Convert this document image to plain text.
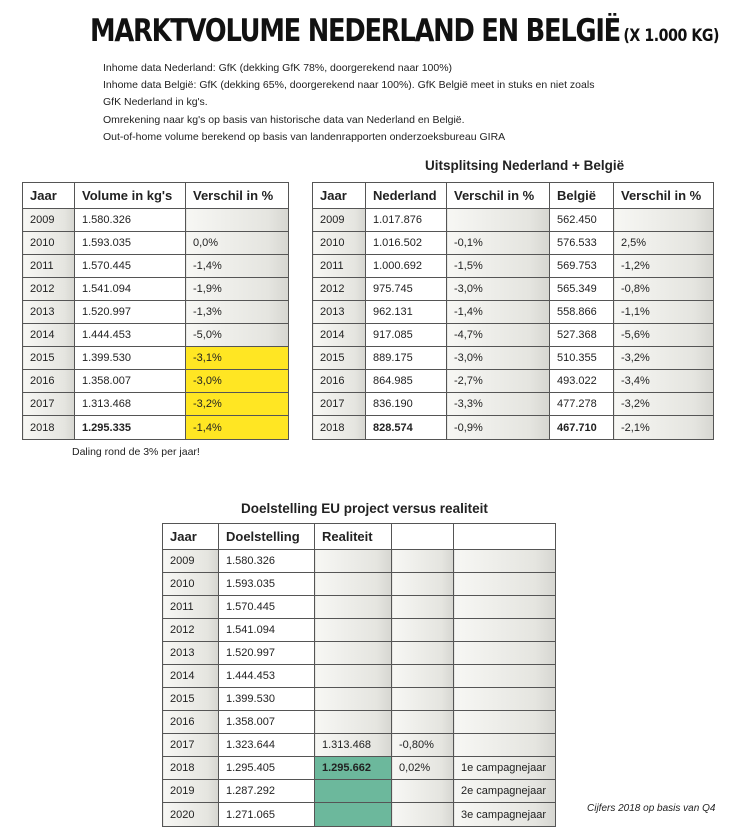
MARKTVOLUME NEDERLAND EN BELGIË (X 1.000 KG)
Inhome data Nederland: GfK (dekking GfK 78%, doorgerekend naar 100%)
Inhome data België: GfK (dekking 65%, doorgerekend naar 100%). GfK België meet in stuks en niet zoals
GfK Nederland in kg's.
Omrekening naar kg's op basis van historische data van Nederland en België.
Out-of-home volume berekend op basis van landenrapporten onderzoeksbureau GIRA
Uitsplitsing Nederland + België
Jaar	Volume in kg's	Verschil in %
2009	1.580.326	
2010	1.593.035	0,0%
2011	1.570.445	-1,4%
2012	1.541.094	-1,9%
2013	1.520.997	-1,3%
2014	1.444.453	-5,0%
2015	1.399.530	-3,1%
2016	1.358.007	-3,0%
2017	1.313.468	-3,2%
2018	1.295.335	-1,4%
Daling rond de 3% per jaar!
Jaar	Nederland	Verschil in %	België	Verschil in %
2009	1.017.876		562.450	
2010	1.016.502	-0,1%	576.533	2,5%
2011	1.000.692	-1,5%	569.753	-1,2%
2012	975.745	-3,0%	565.349	-0,8%
2013	962.131	-1,4%	558.866	-1,1%
2014	917.085	-4,7%	527.368	-5,6%
2015	889.175	-3,0%	510.355	-3,2%
2016	864.985	-2,7%	493.022	-3,4%
2017	836.190	-3,3%	477.278	-3,2%
2018	828.574	-0,9%	467.710	-2,1%
Doelstelling EU project versus realiteit
Jaar	Doelstelling	Realiteit		
2009	1.580.326			
2010	1.593.035			
2011	1.570.445			
2012	1.541.094			
2013	1.520.997			
2014	1.444.453			
2015	1.399.530			
2016	1.358.007			
2017	1.323.644	1.313.468	-0,80%	
2018	1.295.405	1.295.662	0,02%	1e campagnejaar
2019	1.287.292			2e campagnejaar
2020	1.271.065			3e campagnejaar	Cijfers 2018 op basis van Q4
